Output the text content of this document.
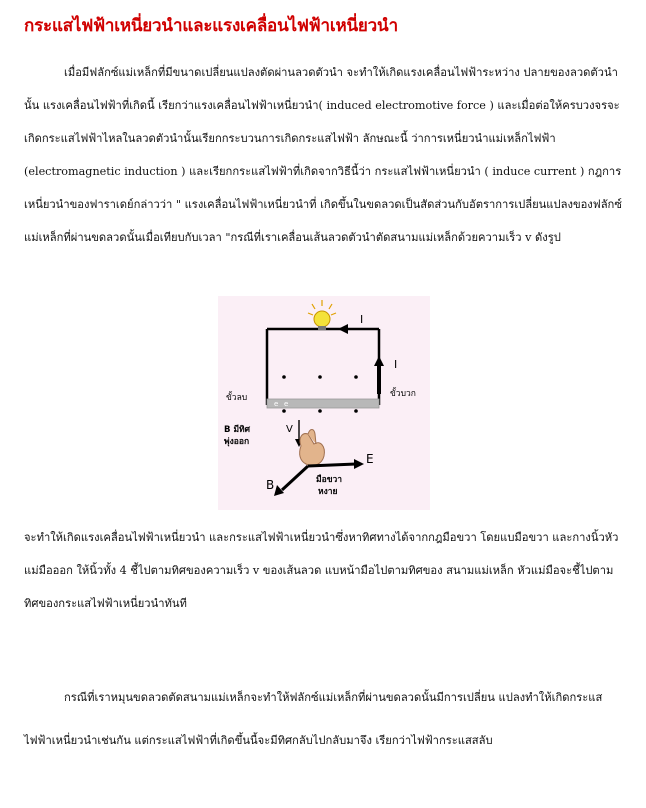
กระแสไฟฟ้าเหนี่ยวนำและแรงเคลื่อนไฟฟ้าเหนี่ยวนำ

เมื่อมีฟลักซ์แม่เหล็กที่มีขนาดเปลี่ยนแปลงตัดผ่านลวดตัวนำ จะทำให้เกิดแรงเคลื่อนไฟฟ้าระหว่าง ปลายของลวดตัวนำนั้น แรงเคลื่อนไฟฟ้าที่เกิดนี้ เรียกว่าแรงเคลื่อนไฟฟ้าเหนี่ยวนำ( induced electromotive force ) และเมื่อต่อให้ครบวงจรจะเกิดกระแสไฟฟ้าไหลในลวดตัวนำนั้นเรียกกระบวนการเกิดกระแสไฟฟ้า ลักษณะนี้ ว่าการเหนี่ยวนำแม่เหล็กไฟฟ้า (electromagnetic induction ) และเรียกกระแสไฟฟ้าที่เกิดจากวิธีนี้ว่า กระแสไฟฟ้าเหนี่ยวนำ ( induce current ) กฎการเหนี่ยวนำของฟาราเดย์กล่าวว่า " แรงเคลื่อนไฟฟ้าเหนี่ยวนำที่ เกิดขึ้นในขดลวดเป็นสัดส่วนกับอัตราการเปลี่ยนแปลงของฟลักซ์แม่เหล็กที่ผ่านขดลวดนั้นเมื่อเทียบกับเวลา "กรณีที่เราเคลื่อนเส้นลวดตัวนำตัดสนามแม่เหล็กด้วยความเร็ว v ดังรูป

I
I
e e
ขั้วลบ	ขั้วบวก
B มีทิศ
พุ่งออก
V
E
B	มือขวา
หงาย

จะทำให้เกิดแรงเคลื่อนไฟฟ้าเหนี่ยวนำ และกระแสไฟฟ้าเหนี่ยวนำซึ่งหาทิศทางได้จากกฎมือขวา โดยแบมือขวา และกางนิ้วหัวแม่มือออก ให้นิ้วทั้ง 4 ชี้ไปตามทิศของความเร็ว v ของเส้นลวด แบหน้ามือไปตามทิศของ สนามแม่เหล็ก หัวแม่มือจะชี้ไปตามทิศของกระแสไฟฟ้าเหนี่ยวนำทันที

กรณีที่เราหมุนขดลวดตัดสนามแม่เหล็กจะทำให้ฟลักซ์แม่เหล็กที่ผ่านขดลวดนั้นมีการเปลี่ยน แปลงทำให้เกิดกระแสไฟฟ้าเหนี่ยวนำเช่นกัน แต่กระแสไฟฟ้าที่เกิดขึ้นนี้จะมีทิศกลับไปกลับมาจึง เรียกว่าไฟฟ้ากระแสสลับ
